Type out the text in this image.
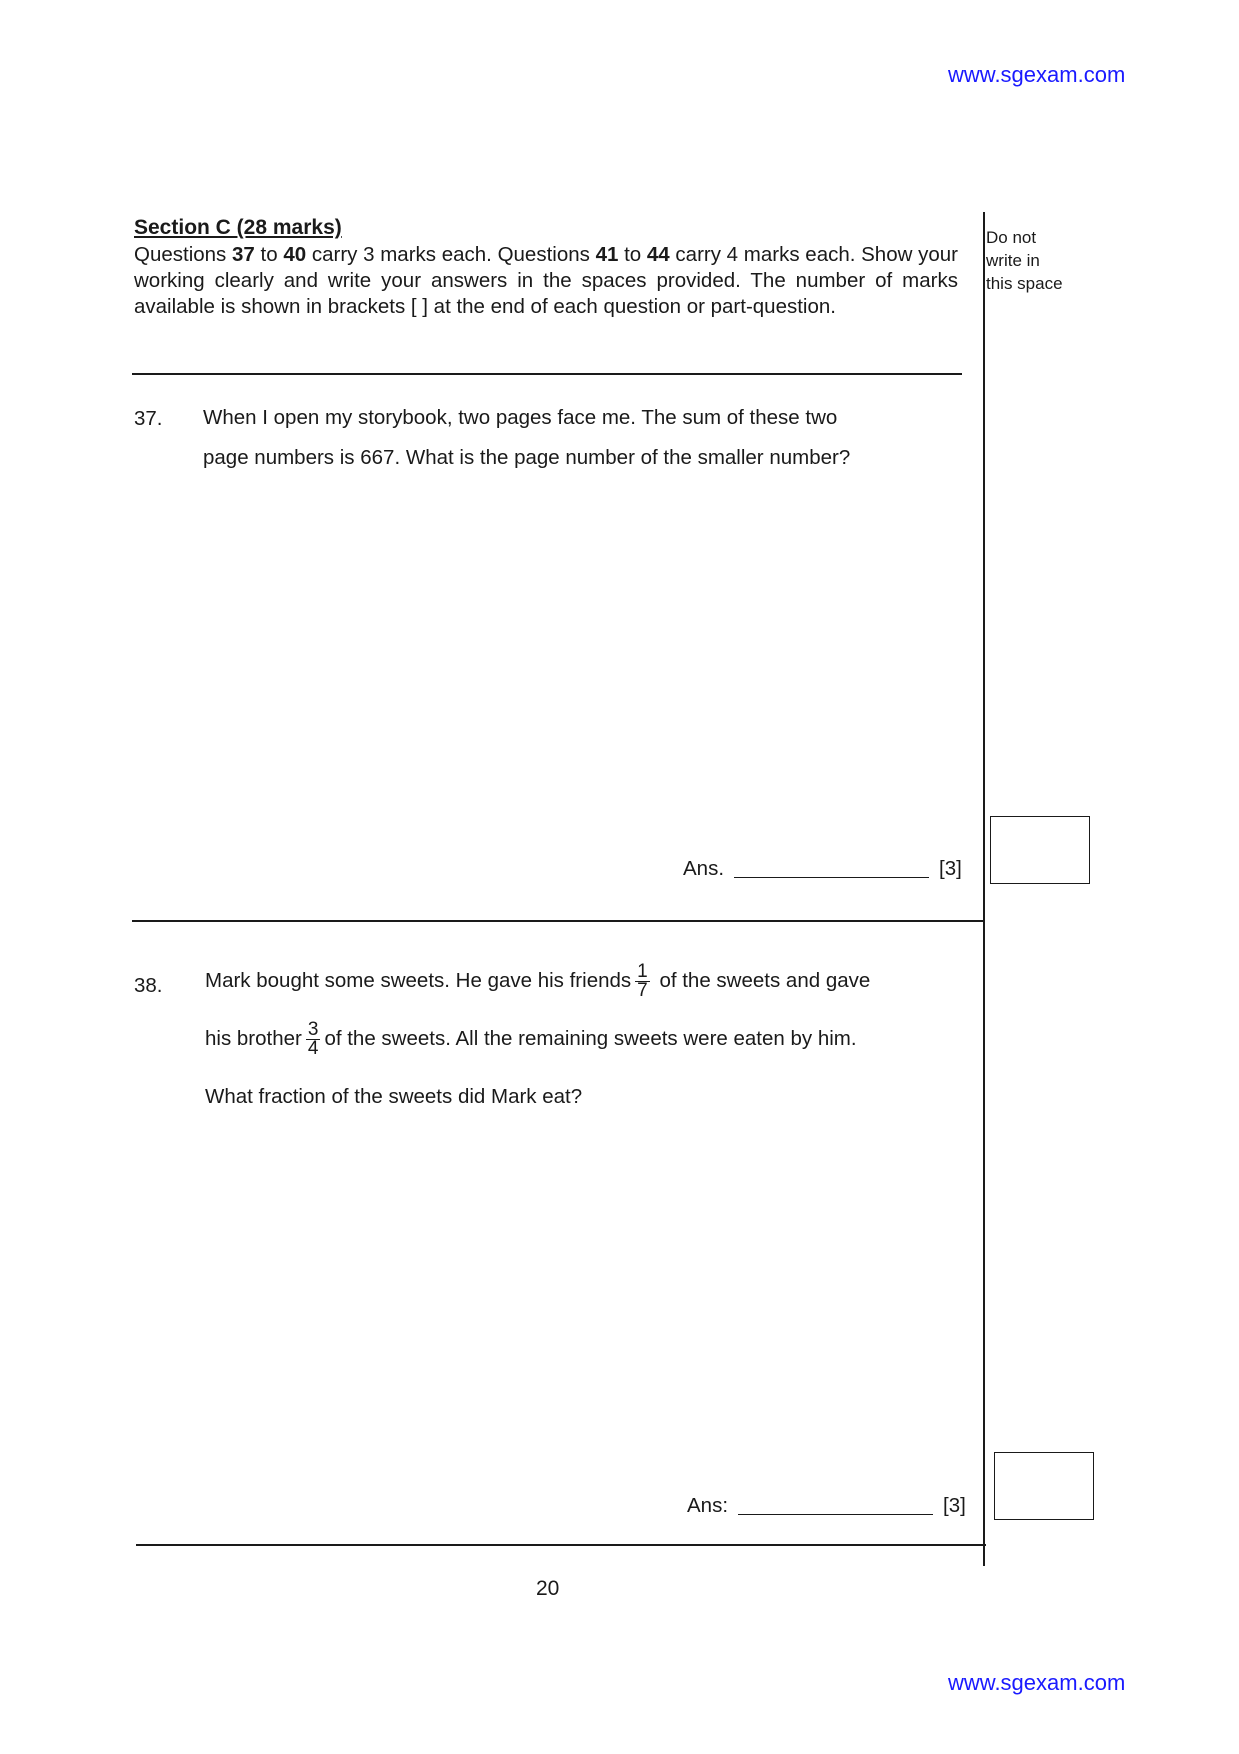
www.sgexam.com
Section C (28 marks)
Questions 37 to 40 carry 3 marks each. Questions 41 to 44 carry 4 marks each. Show your working clearly and write your answers in the spaces provided. The number of marks available is shown in brackets [ ] at the end of each question or part-question.
Do not
write in
this space
37. When I open my storybook, two pages face me. The sum of these two
page numbers is 667. What is the page number of the smaller number?
Ans.	[3]
38. Mark bought some sweets. He gave his friends $\frac{1}{7}$ of the sweets and gave
his brother $\frac{3}{4}$ of the sweets. All the remaining sweets were eaten by him.
What fraction of the sweets did Mark eat?
Ans:	[3]
20
www.sgexam.com
